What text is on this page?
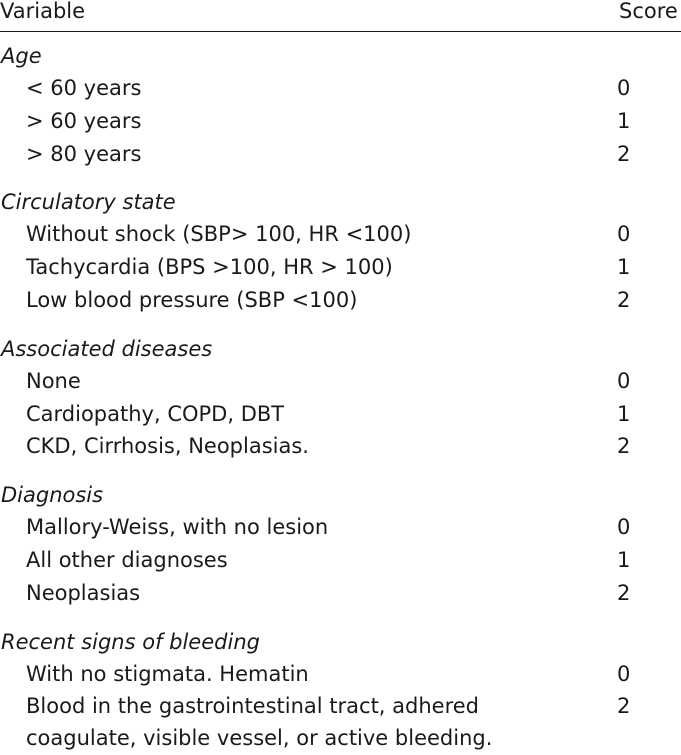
Variable	Score
Age
< 60 years	0
> 60 years	1
> 80 years	2
Circulatory state
Without shock (SBP> 100, HR <100)	0
Tachycardia (BPS >100, HR > 100)	1
Low blood pressure (SBP <100)	2
Associated diseases
None	0
Cardiopathy, COPD, DBT	1
CKD, Cirrhosis, Neoplasias.	2
Diagnosis
Mallory-Weiss, with no lesion	0
All other diagnoses	1
Neoplasias	2
Recent signs of bleeding
With no stigmata. Hematin	0
Blood in the gastrointestinal tract, adhered	2
coagulate, visible vessel, or active bleeding.
